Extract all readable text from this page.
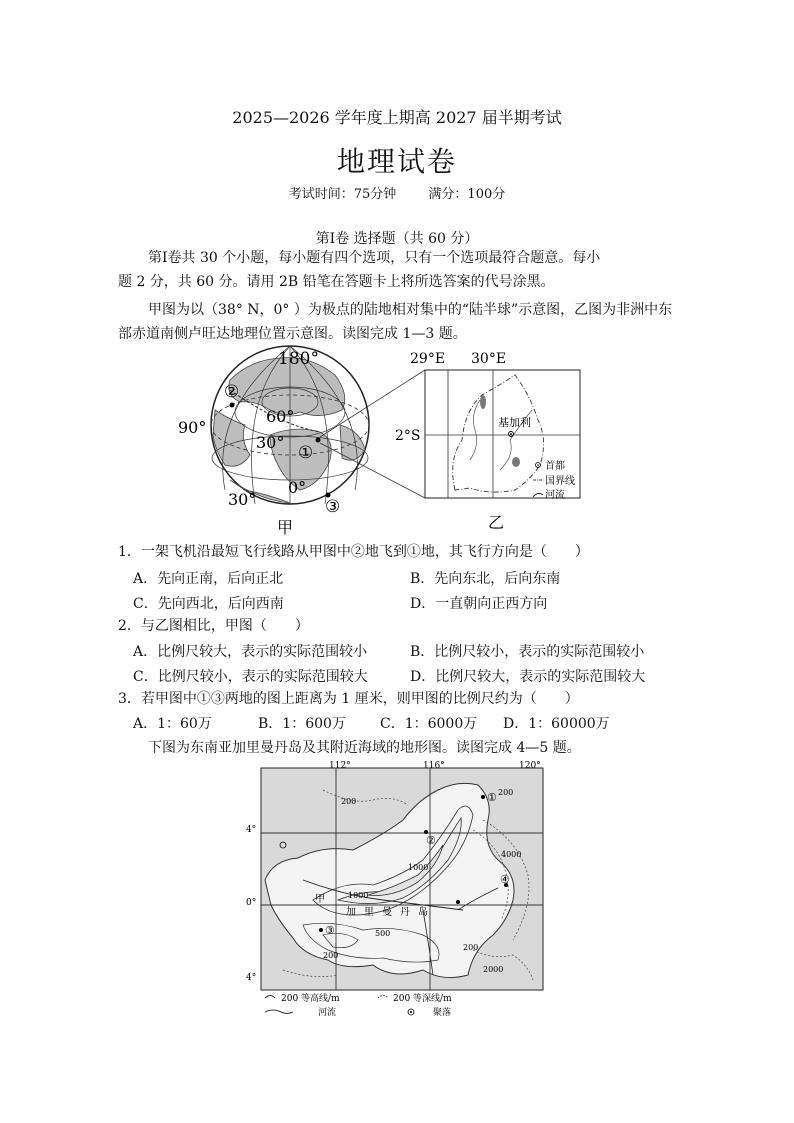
2025—2026 学年度上期高 2027 届半期考试
地理试卷
考试时间：75分钟 满分：100分
第Ⅰ卷 选择题（共 60 分）
第Ⅰ卷共 30 个小题，每小题有四个选项，只有一个选项最符合题意。每小
题 2 分，共 60 分。请用 2B 铅笔在答题卡上将所选答案的代号涂黑。
甲图为以（38° N，0° ）为极点的陆地相对集中的“陆半球”示意图，乙图为非洲中东
部赤道南侧卢旺达地理位置示意图。读图完成 1—3 题。
180°
60°
30°
90°
0°
30°
②
①
③
甲
基加利
29°E 30°E
2°S
首都
国界线
河流
乙
1．一架飞机沿最短飞行线路从甲图中②地飞到①地，其飞行方向是（　　）
A．先向正南，后向正北	B．先向东北，后向东南
C．先向西北，后向西南	D．一直朝向正西方向
2．与乙图相比，甲图（　　）
A．比例尺较大，表示的实际范围较小	B．比例尺较小，表示的实际范围较小
C．比例尺较小，表示的实际范围较大	D．比例尺较大，表示的实际范围较大
3．若甲图中①③两地的图上距离为 1 厘米，则甲图的比例尺约为（　　）
A．1：60万	B．1：600万 C．1：6000万 D．1：60000万
下图为东南亚加里曼丹岛及其附近海域的地形图。读图完成 4—5 题。
112°	116°	120°
4°
0°
4°
200
200
4000
1000
1000
500
200
200
2000
甲
加 里 曼 丹 岛
①
②
③
④
200 等高线/m	200 等深线/m
河流	聚落
